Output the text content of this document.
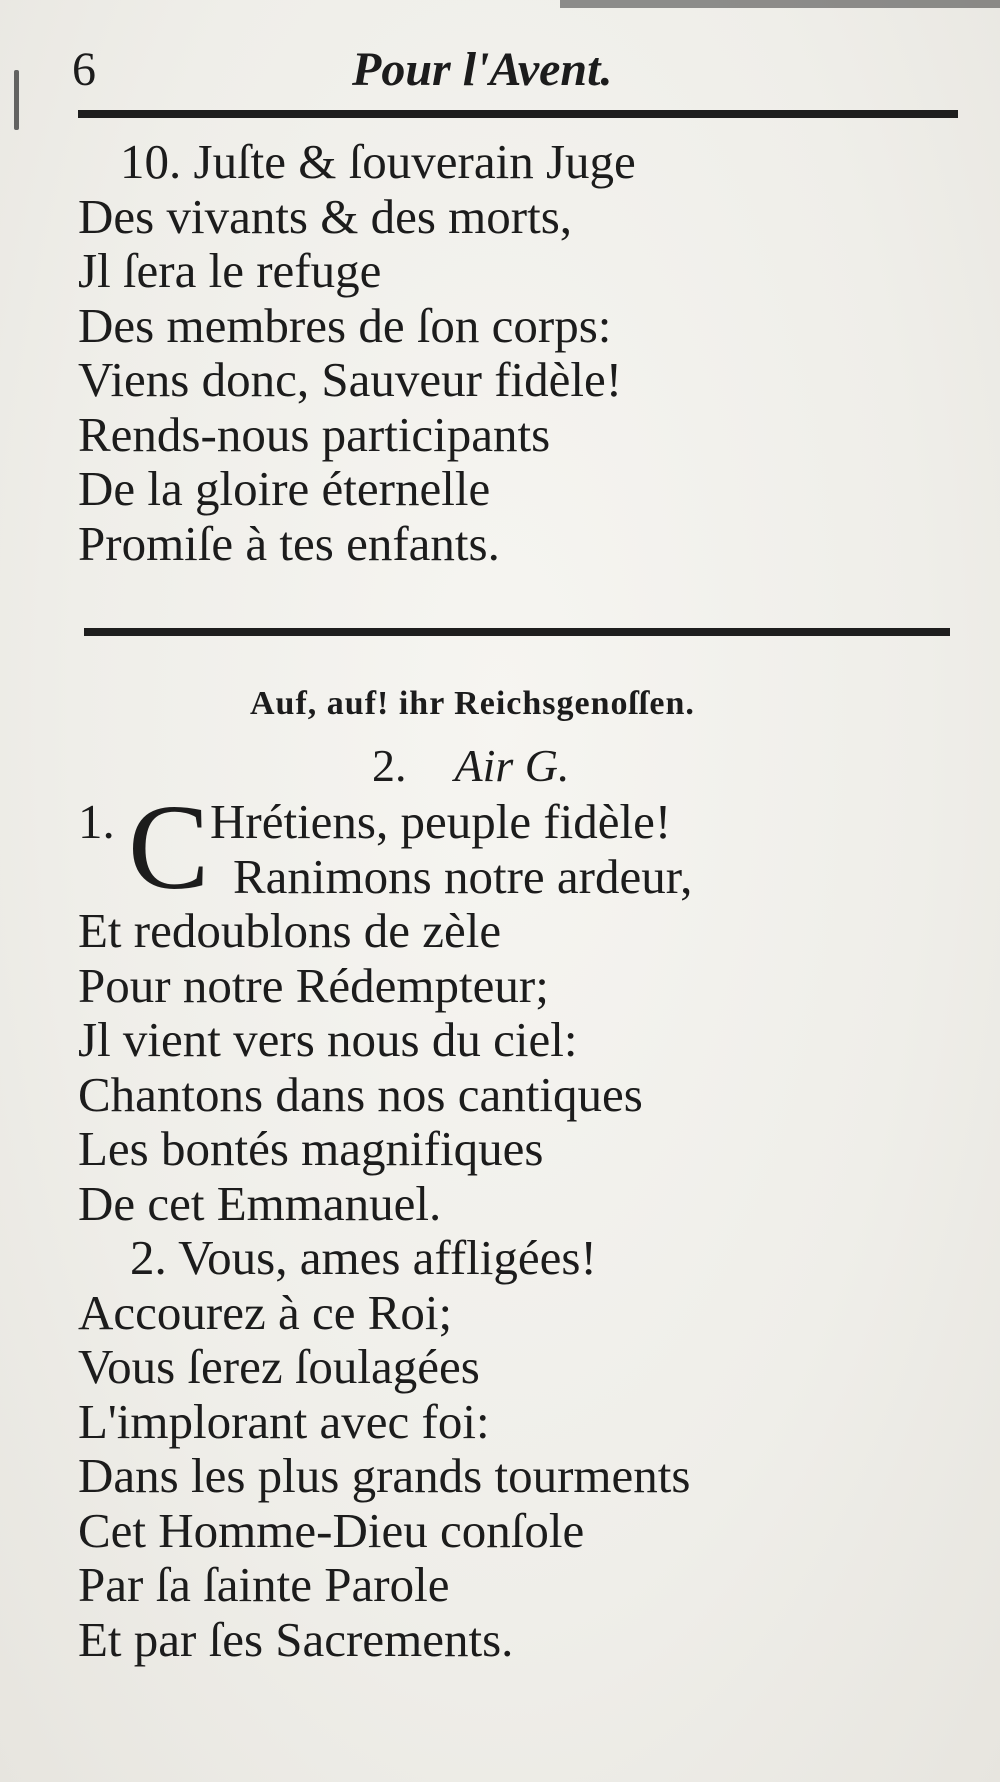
6	Pour l'Avent.
10. Juſte & ſouverain Juge
Des vivants & des morts,
Jl ſera le refuge
Des membres de ſon corps:
Viens donc, Sauveur fidèle!
Rends-nous participants
De la gloire éternelle
Promiſe à tes enfants.
Auf, auf! ihr Reichsgenoſſen.
2. Air G.
1. C Hrétiens, peuple fidèle!
Ranimons notre ardeur,
Et redoublons de zèle
Pour notre Rédempteur;
Jl vient vers nous du ciel:
Chantons dans nos cantiques
Les bontés magnifiques
De cet Emmanuel.
2. Vous, ames affligées!
Accourez à ce Roi;
Vous ſerez ſoulagées
L'implorant avec foi:
Dans les plus grands tourments
Cet Homme-Dieu conſole
Par ſa ſainte Parole
Et par ſes Sacrements.
